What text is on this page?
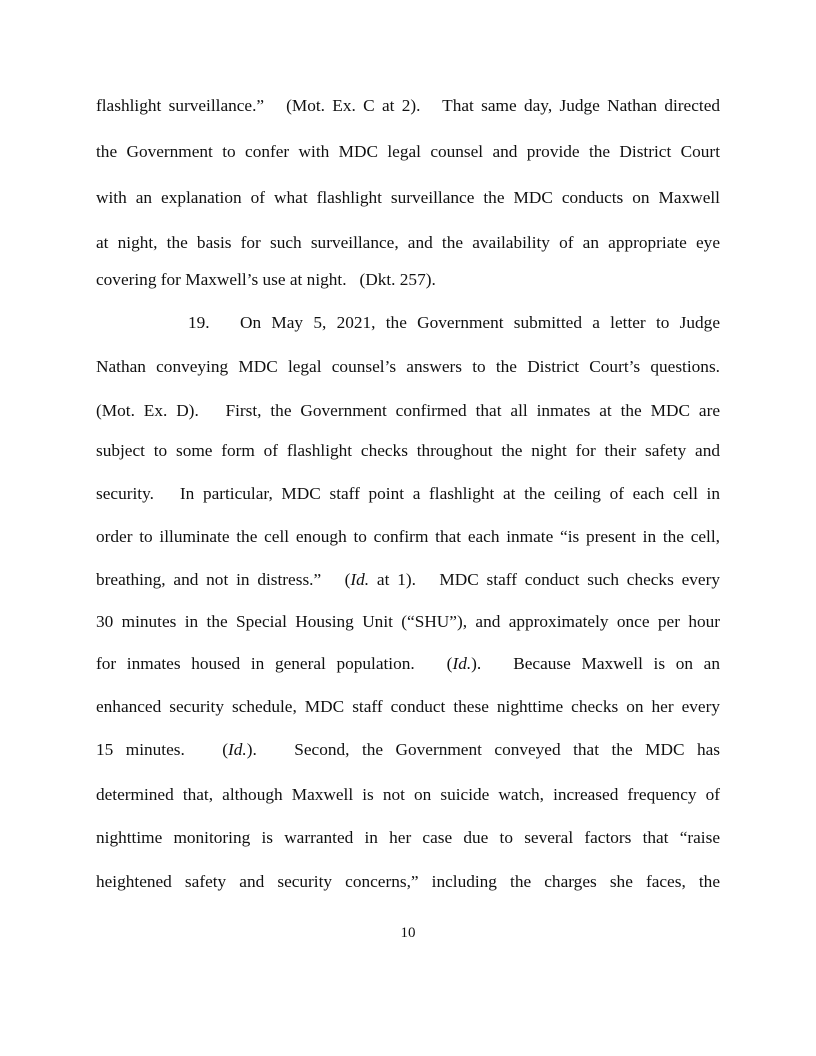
10
flashlight surveillance.”   (Mot. Ex. C at 2).   That same day, Judge Nathan directed
the Government to confer with MDC legal counsel and provide the District Court
with an explanation of what flashlight surveillance the MDC conducts on Maxwell
at night, the basis for such surveillance, and the availability of an appropriate eye
covering for Maxwell’s use at night.   (Dkt. 257).
19. On May 5, 2021, the Government submitted a letter to Judge
Nathan conveying MDC legal counsel’s answers to the District Court’s questions.
(Mot. Ex. D).   First, the Government confirmed that all inmates at the MDC are
subject to some form of flashlight checks throughout the night for their safety and
security.   In particular, MDC staff point a flashlight at the ceiling of each cell in
order to illuminate the cell enough to confirm that each inmate “is present in the cell,
breathing, and not in distress.”   (Id. at 1).   MDC staff conduct such checks every
30 minutes in the Special Housing Unit (“SHU”), and approximately once per hour
for inmates housed in general population.   (Id.).   Because Maxwell is on an
enhanced security schedule, MDC staff conduct these nighttime checks on her every
15 minutes.   (Id.).   Second, the Government conveyed that the MDC has
determined that, although Maxwell is not on suicide watch, increased frequency of
nighttime monitoring is warranted in her case due to several factors that “raise
heightened safety and security concerns,” including the charges she faces, the
